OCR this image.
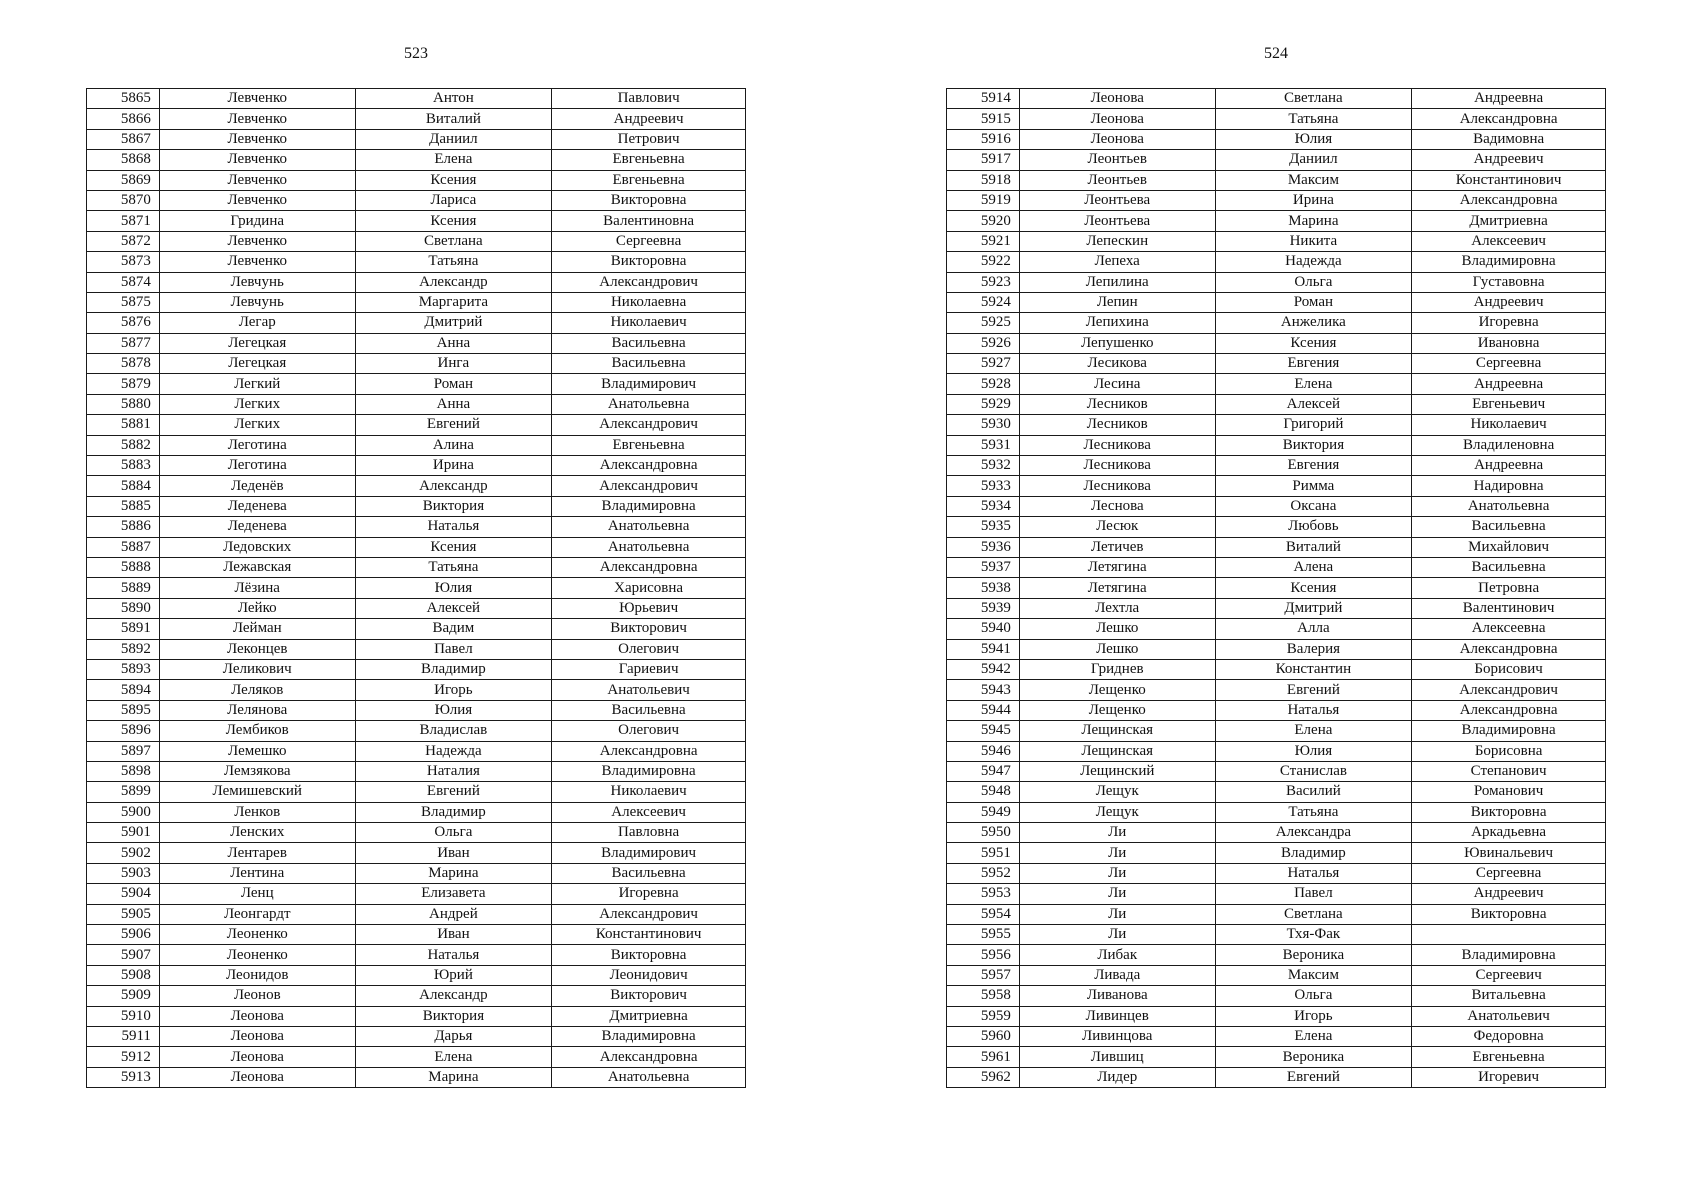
523
5865	Левченко	Антон	Павлович
5866	Левченко	Виталий	Андреевич
5867	Левченко	Даниил	Петрович
5868	Левченко	Елена	Евгеньевна
5869	Левченко	Ксения	Евгеньевна
5870	Левченко	Лариса	Викторовна
5871	Гридина	Ксения	Валентиновна
5872	Левченко	Светлана	Сергеевна
5873	Левченко	Татьяна	Викторовна
5874	Левчунь	Александр	Александрович
5875	Левчунь	Маргарита	Николаевна
5876	Легар	Дмитрий	Николаевич
5877	Легецкая	Анна	Васильевна
5878	Легецкая	Инга	Васильевна
5879	Легкий	Роман	Владимирович
5880	Легких	Анна	Анатольевна
5881	Легких	Евгений	Александрович
5882	Леготина	Алина	Евгеньевна
5883	Леготина	Ирина	Александровна
5884	Леденёв	Александр	Александрович
5885	Леденева	Виктория	Владимировна
5886	Леденева	Наталья	Анатольевна
5887	Ледовских	Ксения	Анатольевна
5888	Лежавская	Татьяна	Александровна
5889	Лёзина	Юлия	Харисовна
5890	Лейко	Алексей	Юрьевич
5891	Лейман	Вадим	Викторович
5892	Леконцев	Павел	Олегович
5893	Леликович	Владимир	Гариевич
5894	Леляков	Игорь	Анатольевич
5895	Лелянова	Юлия	Васильевна
5896	Лембиков	Владислав	Олегович
5897	Лемешко	Надежда	Александровна
5898	Лемзякова	Наталия	Владимировна
5899	Лемишевский	Евгений	Николаевич
5900	Ленков	Владимир	Алексеевич
5901	Ленских	Ольга	Павловна
5902	Лентарев	Иван	Владимирович
5903	Лентина	Марина	Васильевна
5904	Ленц	Елизавета	Игоревна
5905	Леонгардт	Андрей	Александрович
5906	Леоненко	Иван	Константинович
5907	Леоненко	Наталья	Викторовна
5908	Леонидов	Юрий	Леонидович
5909	Леонов	Александр	Викторович
5910	Леонова	Виктория	Дмитриевна
5911	Леонова	Дарья	Владимировна
5912	Леонова	Елена	Александровна
5913	Леонова	Марина	Анатольевна
524
5914	Леонова	Светлана	Андреевна
5915	Леонова	Татьяна	Александровна
5916	Леонова	Юлия	Вадимовна
5917	Леонтьев	Даниил	Андреевич
5918	Леонтьев	Максим	Константинович
5919	Леонтьева	Ирина	Александровна
5920	Леонтьева	Марина	Дмитриевна
5921	Лепескин	Никита	Алексеевич
5922	Лепеха	Надежда	Владимировна
5923	Лепилина	Ольга	Густавовна
5924	Лепин	Роман	Андреевич
5925	Лепихина	Анжелика	Игоревна
5926	Лепушенко	Ксения	Ивановна
5927	Лесикова	Евгения	Сергеевна
5928	Лесина	Елена	Андреевна
5929	Лесников	Алексей	Евгеньевич
5930	Лесников	Григорий	Николаевич
5931	Лесникова	Виктория	Владиленовна
5932	Лесникова	Евгения	Андреевна
5933	Лесникова	Римма	Надировна
5934	Леснова	Оксана	Анатольевна
5935	Лесюк	Любовь	Васильевна
5936	Летичев	Виталий	Михайлович
5937	Летягина	Алена	Васильевна
5938	Летягина	Ксения	Петровна
5939	Лехтла	Дмитрий	Валентинович
5940	Лешко	Алла	Алексеевна
5941	Лешко	Валерия	Александровна
5942	Гриднев	Константин	Борисович
5943	Лещенко	Евгений	Александрович
5944	Лещенко	Наталья	Александровна
5945	Лещинская	Елена	Владимировна
5946	Лещинская	Юлия	Борисовна
5947	Лещинский	Станислав	Степанович
5948	Лещук	Василий	Романович
5949	Лещук	Татьяна	Викторовна
5950	Ли	Александра	Аркадьевна
5951	Ли	Владимир	Ювинальевич
5952	Ли	Наталья	Сергеевна
5953	Ли	Павел	Андреевич
5954	Ли	Светлана	Викторовна
5955	Ли	Тхя-Фак	
5956	Либак	Вероника	Владимировна
5957	Ливада	Максим	Сергеевич
5958	Ливанова	Ольга	Витальевна
5959	Ливинцев	Игорь	Анатольевич
5960	Ливинцова	Елена	Федоровна
5961	Лившиц	Вероника	Евгеньевна
5962	Лидер	Евгений	Игоревич
